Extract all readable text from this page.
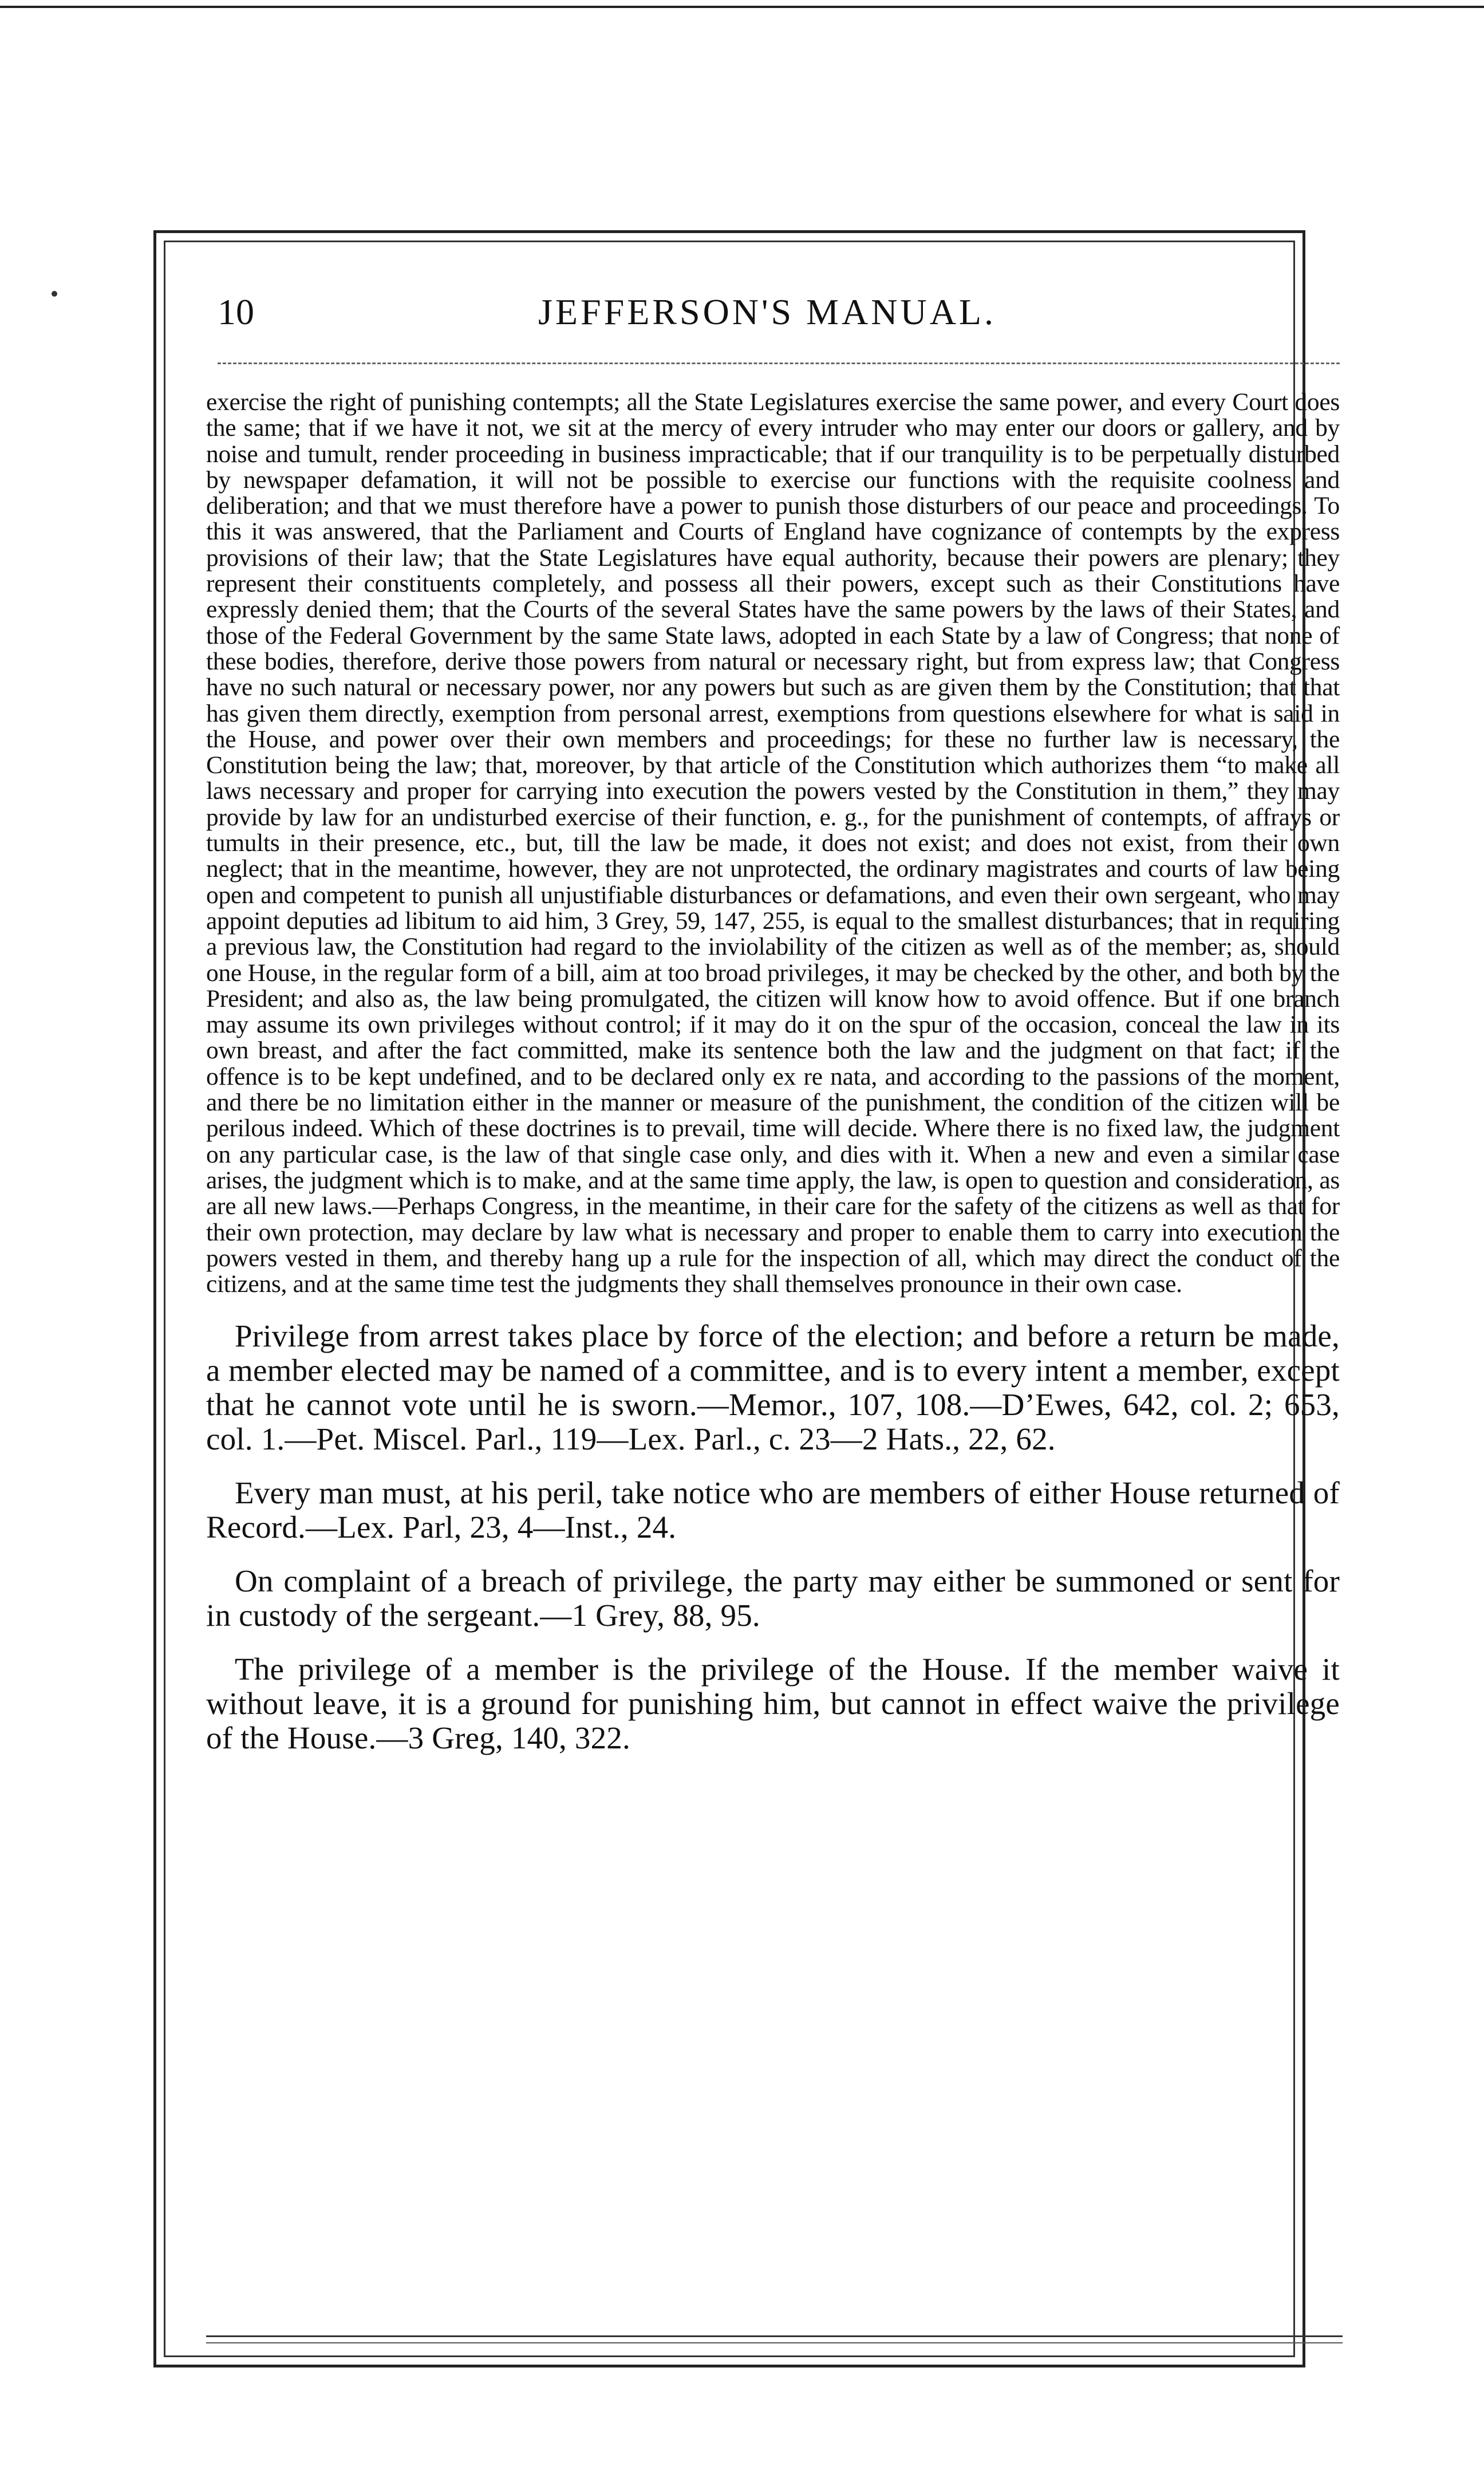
10	JEFFERSON'S MANUAL.

exercise the right of punishing contempts; all the State Legislatures exercise the same power, and every Court does the same; that if we have it not, we sit at the mercy of every intruder who may enter our doors or gallery, and by noise and tumult, render proceeding in business impracticable; that if our tranquility is to be perpetually disturbed by newspaper defamation, it will not be possible to exercise our functions with the requisite coolness and deliberation; and that we must therefore have a power to punish those disturbers of our peace and proceedings. To this it was answered, that the Parliament and Courts of England have cognizance of contempts by the express provisions of their law; that the State Legislatures have equal authority, because their powers are plenary; they represent their constituents completely, and possess all their powers, except such as their Constitutions have expressly denied them; that the Courts of the several States have the same powers by the laws of their States, and those of the Federal Government by the same State laws, adopted in each State by a law of Congress; that none of these bodies, therefore, derive those powers from natural or necessary right, but from express law; that Congress have no such natural or necessary power, nor any powers but such as are given them by the Constitution; that that has given them directly, exemption from personal arrest, exemptions from questions elsewhere for what is said in the House, and power over their own members and proceedings; for these no further law is necessary, the Constitution being the law; that, moreover, by that article of the Constitution which authorizes them “to make all laws necessary and proper for carrying into execution the powers vested by the Constitution in them,” they may provide by law for an undisturbed exercise of their function, e. g., for the punishment of contempts, of affrays or tumults in their presence, etc., but, till the law be made, it does not exist; and does not exist, from their own neglect; that in the meantime, however, they are not unprotected, the ordinary magistrates and courts of law being open and competent to punish all unjustifiable disturbances or defamations, and even their own sergeant, who may appoint deputies ad libitum to aid him, 3 Grey, 59, 147, 255, is equal to the smallest disturbances; that in requiring a previous law, the Constitution had regard to the inviolability of the citizen as well as of the member; as, should one House, in the regular form of a bill, aim at too broad privileges, it may be checked by the other, and both by the President; and also as, the law being promulgated, the citizen will know how to avoid offence. But if one branch may assume its own privileges without control; if it may do it on the spur of the occasion, conceal the law in its own breast, and after the fact committed, make its sentence both the law and the judgment on that fact; if the offence is to be kept undefined, and to be declared only ex re nata, and according to the passions of the moment, and there be no limitation either in the manner or measure of the punishment, the condition of the citizen will be perilous indeed. Which of these doctrines is to prevail, time will decide. Where there is no fixed law, the judgment on any particular case, is the law of that single case only, and dies with it. When a new and even a similar case arises, the judgment which is to make, and at the same time apply, the law, is open to question and consideration, as are all new laws.—Perhaps Congress, in the meantime, in their care for the safety of the citizens as well as that for their own protection, may declare by law what is necessary and proper to enable them to carry into execution the powers vested in them, and thereby hang up a rule for the inspection of all, which may direct the conduct of the citizens, and at the same time test the judgments they shall themselves pronounce in their own case.

Privilege from arrest takes place by force of the election; and before a return be made, a member elected may be named of a committee, and is to every intent a member, except that he cannot vote until he is sworn.—Memor., 107, 108.—D’Ewes, 642, col. 2; 653, col. 1.—Pet. Miscel. Parl., 119—Lex. Parl., c. 23—2 Hats., 22, 62.

Every man must, at his peril, take notice who are members of either House returned of Record.—Lex. Parl, 23, 4—Inst., 24.

On complaint of a breach of privilege, the party may either be summoned or sent for in custody of the sergeant.—1 Grey, 88, 95.

The privilege of a member is the privilege of the House. If the member waive it without leave, it is a ground for punishing him, but cannot in effect waive the privilege of the House.—3 Greg, 140, 322.
